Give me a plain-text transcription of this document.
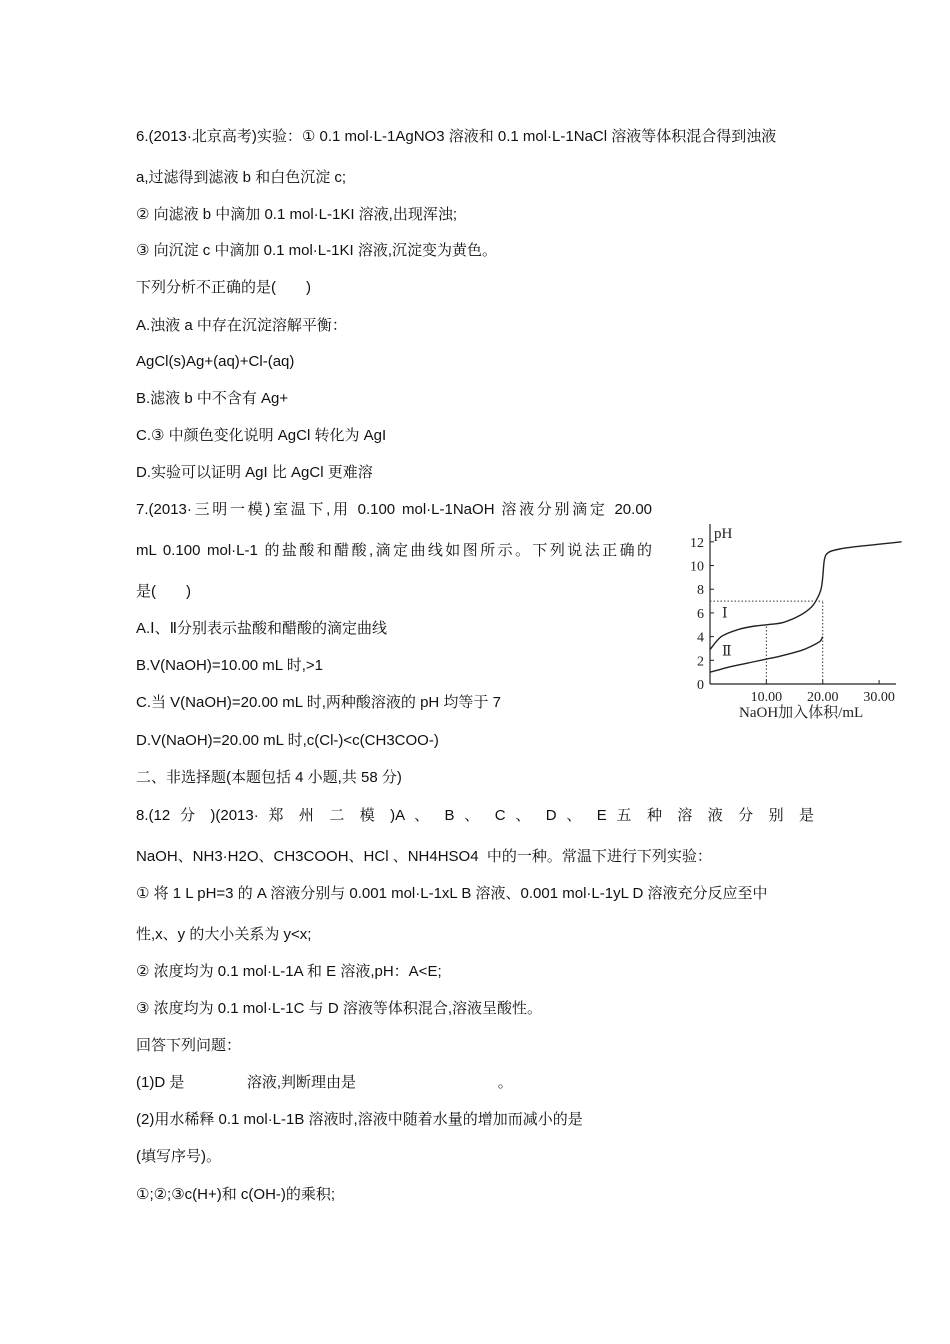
6.(2013·北京高考)实验：① 0.1 mol·L-1AgNO3 溶液和 0.1 mol·L-1NaCl 溶液等体积混合得到浊液
a,过滤得到滤液 b 和白色沉淀 c;
② 向滤液 b 中滴加 0.1 mol·L-1KI 溶液,出现浑浊;
③ 向沉淀 c 中滴加 0.1 mol·L-1KI 溶液,沉淀变为黄色。
下列分析不正确的是(　　)
A.浊液 a 中存在沉淀溶解平衡：
AgCl(s)Ag+(aq)+Cl-(aq)
B.滤液 b 中不含有 Ag+
C.③ 中颜色变化说明 AgCl 转化为 AgI
D.实验可以证明 AgI 比 AgCl 更难溶
7.(2013·三明一模)室温下,用 0.100 mol·L-1NaOH 溶液分别滴定 20.00
mL 0.100 mol·L-1 的盐酸和醋酸,滴定曲线如图所示。下列说法正确的
是(　　)
A.Ⅰ、Ⅱ分别表示盐酸和醋酸的滴定曲线
B.V(NaOH)=10.00 mL 时,>1
C.当 V(NaOH)=20.00 mL 时,两种酸溶液的 pH 均等于 7
D.V(NaOH)=20.00 mL 时,c(Cl-)<c(CH3COO-)
pH
0
2
4
6
8
10
12
10.00 20.00 30.00
NaOH加入体积/mL
Ⅰ
Ⅱ
二、非选择题(本题包括 4 小题,共 58 分)
8.(12 分 )(2013· 郑 州 二 模 )A 、 B 、 C 、 D 、 E 五 种 溶 液 分 别 是
NaOH、NH3·H2O、CH3COOH、HCl 、NH4HSO4  中的一种。常温下进行下列实验：
① 将 1 L pH=3 的 A 溶液分别与 0.001 mol·L-1xL B 溶液、0.001 mol·L-1yL D 溶液充分反应至中
性,x、y 的大小关系为 y<x;
② 浓度均为 0.1 mol·L-1A 和 E 溶液,pH：A<E;
③ 浓度均为 0.1 mol·L-1C 与 D 溶液等体积混合,溶液呈酸性。
回答下列问题：
(1)D 是               溶液,判断理由是                                  。
(2)用水稀释 0.1 mol·L-1B 溶液时,溶液中随着水量的增加而减小的是
(填写序号)。
①;②;③c(H+)和 c(OH-)的乘积;
